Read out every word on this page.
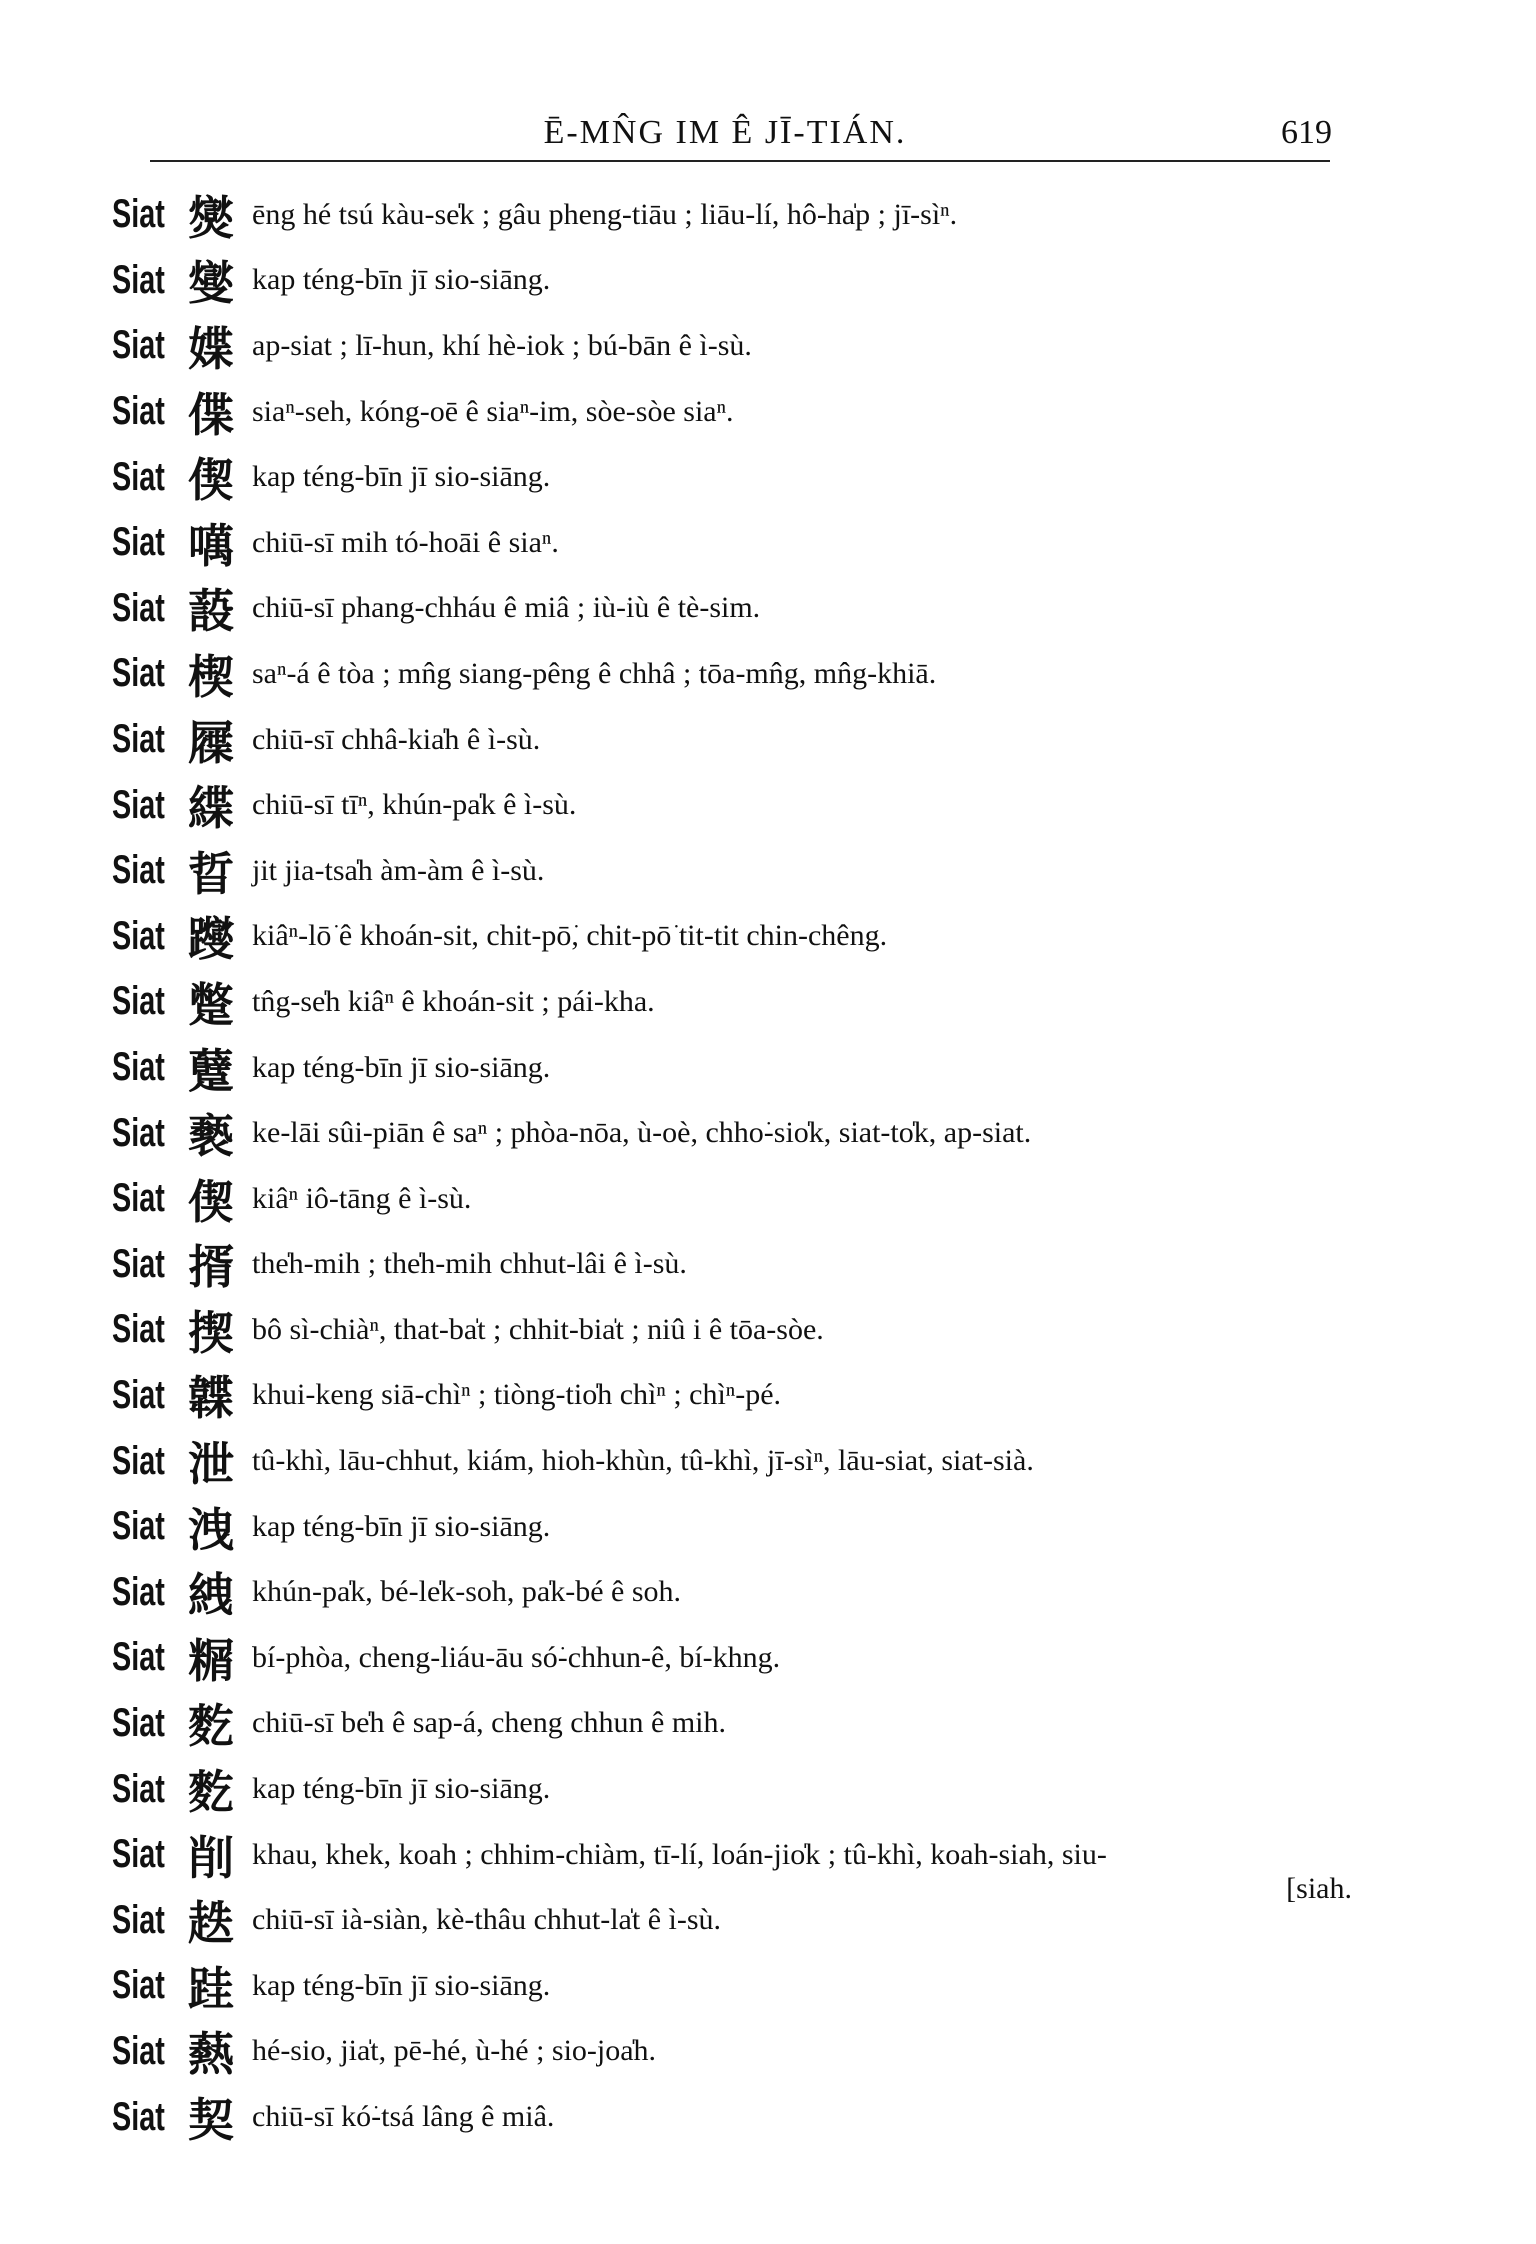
Ē-MN̂G IM Ê JĪ-TIÁN.	619
Siat 爕 ēng hé tsú kàu-se̍k ; gâu pheng-tiāu ; liāu-lí, hô-ha̍p ; jī-sìⁿ.
Siat 燮 kap téng-bīn jī sio-siāng.
Siat 媟 ap-siat ; lī-hun, khí hè-iok ; bú-bān ê ì-sù.
Siat 偞 siaⁿ-seh, kóng-oē ê siaⁿ-im, sòe-sòe siaⁿ.
Siat 偰 kap téng-bīn jī sio-siāng.
Siat 噧 chiū-sī mih tó-hoāi ê siaⁿ.
Siat 蔎 chiū-sī phang-chháu ê miâ ; iù-iù ê tè-sim.
Siat 楔 saⁿ-á ê tòa ; mn̂g siang-pêng ê chhâ ; tōa-mn̂g, mn̂g-khiā.
Siat 屧 chiū-sī chhâ-kia̍h ê ì-sù.
Siat 緤 chiū-sī tīⁿ, khún-pa̍k ê ì-sù.
Siat 晢 jit jia-tsa̍h àm-àm ê ì-sù.
Siat 躞 kiâⁿ-lō͘ ê khoán-sit, chit-pō͘, chit-pō͘ tit-tit chin-chêng.
Siat 蹩 tn̂g-se̍h kiâⁿ ê khoán-sit ; pái-kha.
Siat 躠 kap téng-bīn jī sio-siāng.
Siat 褻 ke-lāi sûi-piān ê saⁿ ; phòa-nōa, ù-oè, chho͘-sio̍k, siat-to̍k, ap-siat.
Siat 偰 kiâⁿ iô-tāng ê ì-sù.
Siat 揟 the̍h-mih ; the̍h-mih chhut-lâi ê ì-sù.
Siat 揳 bô sì-chiàⁿ, that-ba̍t ; chhit-bia̍t ; niû i ê tōa-sòe.
Siat 韘 khui-keng siā-chìⁿ ; tiòng-tio̍h chìⁿ ; chìⁿ-pé.
Siat 泄 tû-khì, lāu-chhut, kiám, hioh-khùn, tû-khì, jī-sìⁿ, lāu-siat, siat-sià.
Siat 洩 kap téng-bīn jī sio-siāng.
Siat 絏 khún-pa̍k, bé-le̍k-soh, pa̍k-bé ê soh.
Siat 糏 bí-phòa, cheng-liáu-āu só͘-chhun-ê, bí-khng.
Siat 麧 chiū-sī be̍h ê sap-á, cheng chhun ê mih.
Siat 麧 kap téng-bīn jī sio-siāng.
Siat 削 khau, khek, koah ; chhim-chiàm, tī-lí, loán-jio̍k ; tû-khì, koah-siah, siu-
[siah.
Siat 趃 chiū-sī ià-siàn, kè-thâu chhut-la̍t ê ì-sù.
Siat 跬 kap téng-bīn jī sio-siāng.
Siat 爇 hé-sio, jia̍t, pē-hé, ù-hé ; sio-joa̍h.
Siat 契 chiū-sī kó͘-tsá lâng ê miâ.
